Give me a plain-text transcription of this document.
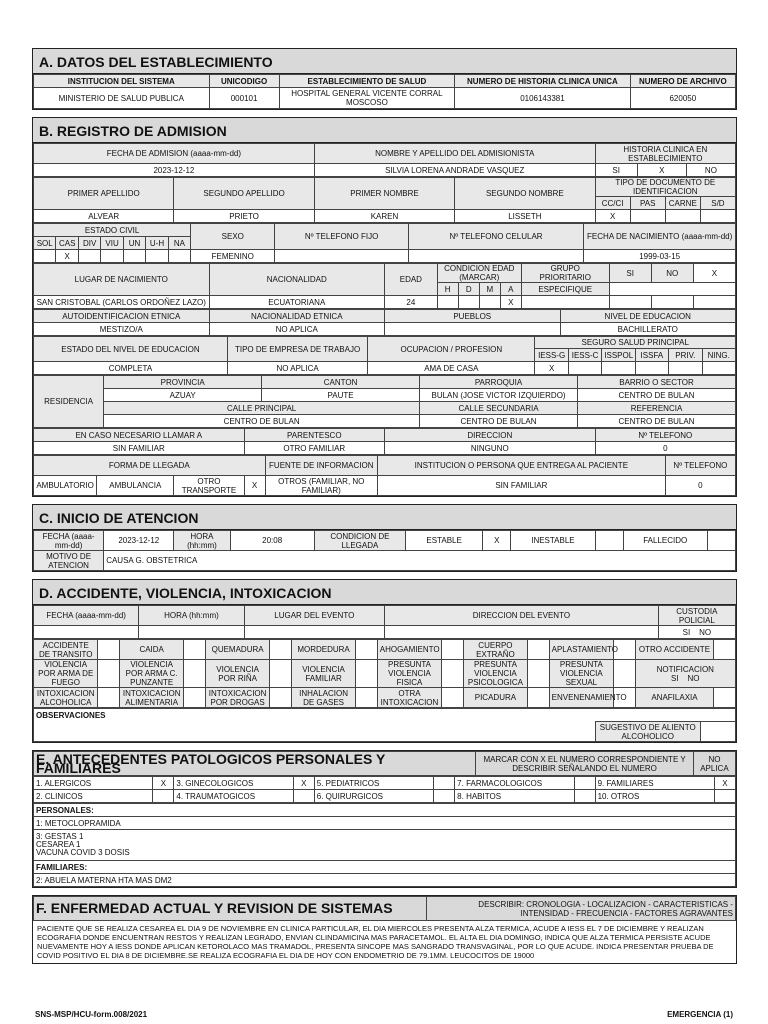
A. DATOS DEL ESTABLECIMIENTO
INSTITUCION DEL SISTEMA	UNICODIGO	ESTABLECIMIENTO DE SALUD	NUMERO DE HISTORIA CLINICA UNICA	NUMERO DE ARCHIVO
MINISTERIO DE SALUD PUBLICA	000101	HOSPITAL GENERAL VICENTE CORRAL MOSCOSO	0106143381	620050
B. REGISTRO DE ADMISION
FECHA DE ADMISION (aaaa-mm-dd)	NOMBRE Y APELLIDO DEL ADMISIONISTA	HISTORIA CLINICA EN ESTABLECIMIENTO		
2023-12-12	SILVIA LORENA ANDRADE VASQUEZ	SI	X	NO
PRIMER APELLIDO	SEGUNDO APELLIDO	PRIMER NOMBRE	SEGUNDO NOMBRE	TIPO DE DOCUMENTO DE IDENTIFICACION			
				CC/CI	PAS	CARNE	S/D
ALVEAR	PRIETO	KAREN	LISSETH	X			
ESTADO CIVIL							SEXO	Nº TELEFONO FIJO	Nº TELEFONO CELULAR	FECHA DE NACIMIENTO (aaaa-mm-dd)
SOL	CAS	DIV	VIU	UN	U-H	NA				
	X						FEMENINO			1999-03-15
LUGAR DE NACIMIENTO	NACIONALIDAD	EDAD	CONDICION EDAD (MARCAR)				GRUPO PRIORITARIO	SI	NO	X
			H	D	M	A	ESPECIFIQUE			
SAN CRISTOBAL (CARLOS ORDOÑEZ LAZO)	ECUATORIANA	24				X				
AUTOIDENTIFICACION ETNICA	NACIONALIDAD ETNICA	PUEBLOS	NIVEL DE EDUCACION
MESTIZO/A	NO APLICA		BACHILLERATO
ESTADO DEL NIVEL DE EDUCACION	TIPO DE EMPRESA DE TRABAJO	OCUPACION / PROFESION	SEGURO SALUD PRINCIPAL					
			IESS-G	IESS-C	ISSPOL	ISSFA	PRIV.	NING.
COMPLETA	NO APLICA	AMA DE CASA	X					
RESIDENCIA	PROVINCIA	CANTON	PARROQUIA	BARRIO O SECTOR
	AZUAY	PAUTE	BULAN (JOSE VICTOR IZQUIERDO)	CENTRO DE BULAN
	CALLE PRINCIPAL		CALLE SECUNDARIA	REFERENCIA
	CENTRO DE BULAN		CENTRO DE BULAN	CENTRO DE BULAN
EN CASO NECESARIO LLAMAR A	PARENTESCO	DIRECCION	Nº TELEFONO
SIN FAMILIAR	OTRO FAMILIAR	NINGUNO	0
FORMA DE LLEGADA				FUENTE DE INFORMACION	INSTITUCION O PERSONA QUE ENTREGA AL PACIENTE	Nº TELEFONO
AMBULATORIO	AMBULANCIA	OTRO TRANSPORTE	X	OTROS (FAMILIAR, NO FAMILIAR)	SIN FAMILIAR	0
C. INICIO DE ATENCION
FECHA (aaaa-mm-dd)	2023-12-12	HORA (hh:mm)	20:08	CONDICION DE LLEGADA	ESTABLE	X	INESTABLE		FALLECIDO	
MOTIVO DE ATENCION	CAUSA G. OBSTETRICA									
D. ACCIDENTE, VIOLENCIA, INTOXICACION
FECHA (aaaa-mm-dd)	HORA (hh:mm)	LUGAR DEL EVENTO	DIRECCION DEL EVENTO	CUSTODIA POLICIAL
				SI NO
ACCIDENTE DE TRANSITO		CAIDA		QUEMADURA		MORDEDURA		AHOGAMIENTO		CUERPO EXTRAÑO		APLASTAMIENTO		OTRO ACCIDENTE	
VIOLENCIA POR ARMA DE FUEGO		VIOLENCIA POR ARMA C. PUNZANTE		VIOLENCIA POR RIÑA		VIOLENCIA FAMILIAR		PRESUNTA VIOLENCIA FISICA		PRESUNTA VIOLENCIA PSICOLOGICA		PRESUNTA VIOLENCIA SEXUAL		NOTIFICACION
SI NO	
INTOXICACION ALCOHOLICA		INTOXICACION ALIMENTARIA		INTOXICACION POR DROGAS		INHALACION DE GASES		OTRA INTOXICACION		PICADURA		ENVENENAMIENTO		ANAFILAXIA	
OBSERVACIONES
	SUGESTIVO DE ALIENTO ALCOHOLICO	
E. ANTECEDENTES PATOLOGICOS PERSONALES Y FAMILIARES	MARCAR CON X EL NUMERO CORRESPONDIENTE Y DESCRIBIR SEÑALANDO EL NUMERO	NO APLICA
1. ALERGICOS	X	3. GINECOLOGICOS	X	5. PEDIATRICOS		7. FARMACOLOGICOS		9. FAMILIARES	X
2. CLINICOS		4. TRAUMATOGICOS		6. QUIRURGICOS		8. HABITOS		10. OTROS	
PERSONALES:
1: METOCLOPRAMIDA
3: GESTAS 1
CESAREA 1
VACUNA COVID 3 DOSIS
FAMILIARES:
2: ABUELA MATERNA HTA MAS DM2
F. ENFERMEDAD ACTUAL Y REVISION DE SISTEMAS	DESCRIBIR: CRONOLOGIA - LOCALIZACION - CARACTERISTICAS - INTENSIDAD - FRECUENCIA - FACTORES AGRAVANTES
PACIENTE QUE SE REALIZA CESAREA EL DIA 9 DE NOVIEMBRE EN CLINICA PARTICULAR, EL DIA MIERCOLES PRESENTA ALZA TERMICA, ACUDE A IESS EL 7 DE DICIEMBRE Y REALIZAN ECOGRAFIA DONDE ENCUENTRAN RESTOS Y REALIZAN LEGRADO, ENVIAN CLINDAMICINA MAS PARACETAMOL. EL ALTA EL DIA DOMINGO, INDICA QUE ALZA TERMICA PERSISTE ACUDE NUEVAMENTE HOY A IESS DONDE APLICAN KETOROLACO MAS TRAMADOL, PRESENTA SINCOPE MAS SANGRADO TRANSVAGINAL, POR LO QUE ACUDE. INDICA PRESENTAR PRUEBA DE COVID POSITIVO EL DIA 8 DE DICIEMBRE.SE REALIZA ECOGRAFIA EL DIA DE HOY CON ENDOMETRIO DE 79.1MM. LEUCOCITOS DE 19000
SNS-MSP/HCU-form.008/2021	EMERGENCIA (1)
